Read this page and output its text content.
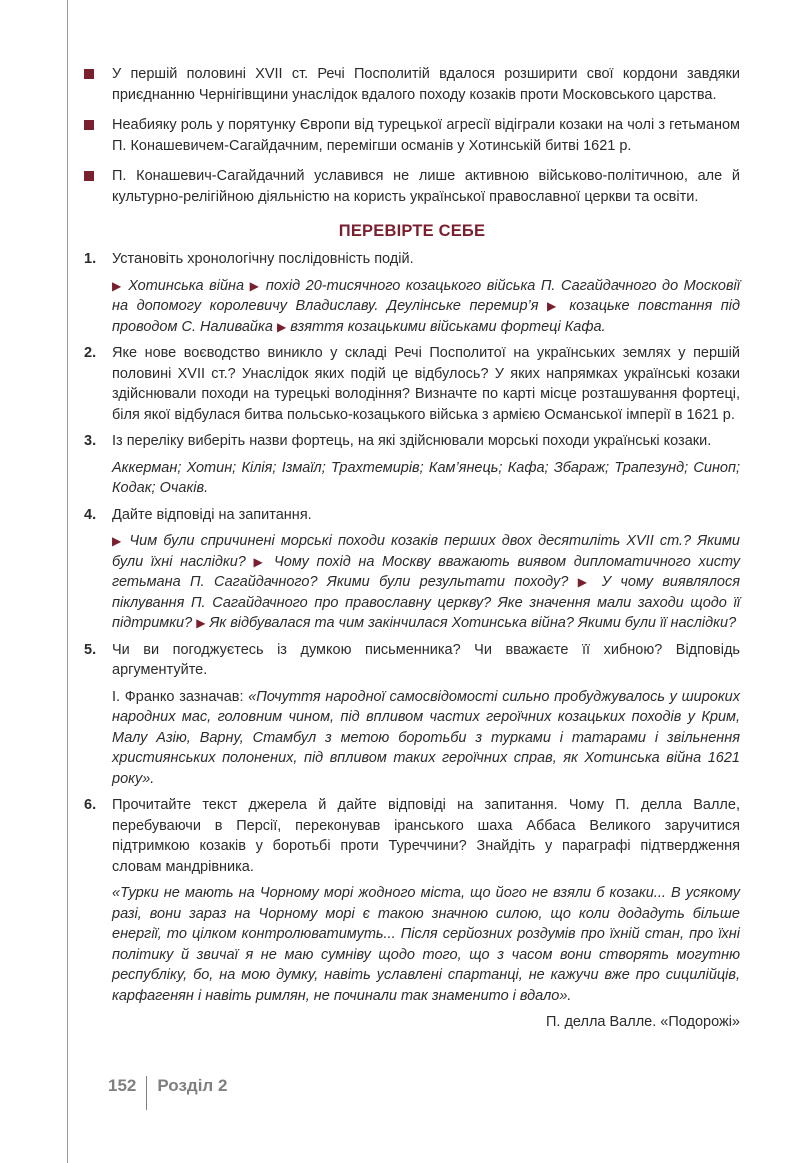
У першій половині XVII ст. Речі Посполитій вдалося розширити свої кордони завдяки приєднанню Чернігівщини унаслідок вдалого походу козаків проти Московського царства.
Неабияку роль у порятунку Європи від турецької агресії відіграли козаки на чолі з гетьманом П. Конашевичем-Сагайдачним, перемігши османів у Хотинській битві 1621 р.
П. Конашевич-Сагайдачний уславився не лише активною військово-політичною, але й культурно-релігійною діяльністю на користь української православної церкви та освіти.
ПЕРЕВІРТЕ СЕБЕ
1. Установіть хронологічну послідовність подій.

▶ Хотинська війна ▶ похід 20-тисячного козацького війська П. Сагайдачного до Московії на допомогу королевичу Владиславу. Деулінське перемир’я ▶ козацьке повстання під проводом С. Наливайка ▶ взяття козацькими військами фортеці Кафа.

2. Яке нове воєводство виникло у складі Речі Посполитої на українських землях у першій половині XVII ст.? Унаслідок яких подій це відбулось? У яких напрямках українські козаки здійснювали походи на турецькі володіння? Визначте по карті місце розташування фортеці, біля якої відбулася битва польсько-козацького війська з армією Османської імперії в 1621 р.

3. Із переліку виберіть назви фортець, на які здійснювали морські походи українські козаки.

Аккерман; Хотин; Кілія; Ізмаїл; Трахтемирів; Кам’янець; Кафа; Збараж; Трапезунд; Синоп; Кодак; Очаків.

4. Дайте відповіді на запитання.

▶ Чим були спричинені морські походи козаків перших двох десятиліть XVII ст.? Якими були їхні наслідки? ▶ Чому похід на Москву вважають виявом дипломатичного хисту гетьмана П. Сагайдачного? Якими були результати походу? ▶ У чому виявлялося піклування П. Сагайдачного про православну церкву? Яке значення мали заходи щодо її підтримки? ▶ Як відбувалася та чим закінчилася Хотинська війна? Якими були її наслідки?

5. Чи ви погоджуєтесь із думкою письменника? Чи вважаєте її хибною? Відповідь аргументуйте.

І. Франко зазначав: «Почуття народної самосвідомості сильно пробуджувалось у широких народних мас, головним чином, під впливом частих героїчних козацьких походів у Крим, Малу Азію, Варну, Стамбул з метою боротьби з турками і татарами і звільнення християнських полонених, під впливом таких героїчних справ, як Хотинська війна 1621 року».

6. Прочитайте текст джерела й дайте відповіді на запитання. Чому П. делла Валле, перебуваючи в Персії, переконував іранського шаха Аббаса Великого заручитися підтримкою козаків у боротьбі проти Туреччини? Знайдіть у параграфі підтвердження словам мандрівника.

«Турки не мають на Чорному морі жодного міста, що його не взяли б козаки... В усякому разі, вони зараз на Чорному морі є такою значною силою, що коли додадуть більше енергії, то цілком контролюватимуть... Після серйозних роздумів про їхній стан, про їхні політику й звичаї я не маю сумніву щодо того, що з часом вони створять могутню республіку, бо, на мою думку, навіть уславлені спартанці, не кажучи вже про сицилійців, карфагенян і навіть римлян, не починали так знаменито і вдало».

П. делла Валле. «Подорожі»
152 Розділ 2
